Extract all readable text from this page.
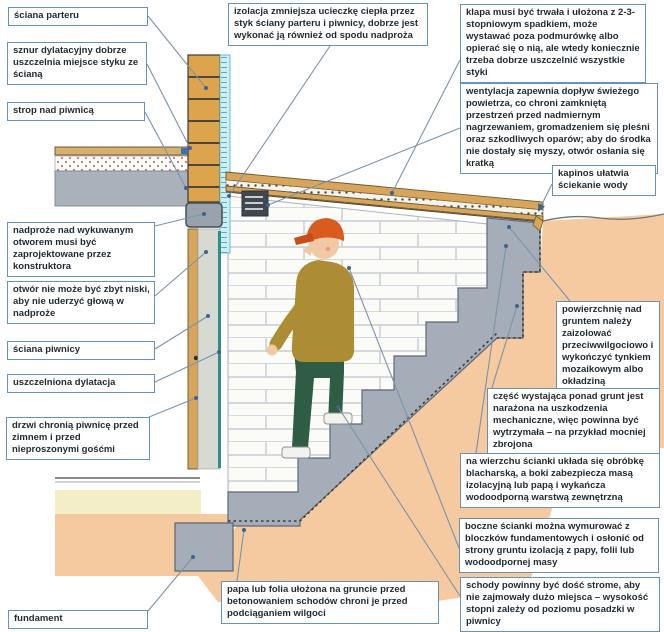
ściana parteru
sznur dylatacyjny dobrze uszczelnia miejsce styku ze ścianą
strop nad piwnicą
nadproże nad wykuwanym otworem musi być zaprojektowane przez konstruktora
otwór nie może być zbyt niski, aby nie uderzyć głową w nadproże
ściana piwnicy
uszczelniona dylatacja
drzwi chronią piwnicę przed zimnem i przed nieproszonymi gośćmi
fundament
izolacja zmniejsza ucieczkę ciepła przez styk ściany parteru i piwnicy, dobrze jest wykonać ją również od spodu nadproża
klapa musi być trwała i ułożona z 2-3-stopniowym spadkiem, może wystawać poza podmurówkę albo opierać się o nią, ale wtedy koniecznie trzeba dobrze uszczelnić wszystkie styki
wentylacja zapewnia dopływ świeżego powietrza, co chroni zamkniętą przestrzeń przed nadmiernym nagrzewaniem, gromadzeniem się pleśni oraz szkodliwych oparów; aby do środka nie dostały się myszy, otwór osłania się kratką
kapinos ułatwia ściekanie wody
powierzchnię nad gruntem należy zaizolować przeciwwilgociowo i wykończyć tynkiem mozaikowym albo okładziną
część wystająca ponad grunt jest narażona na uszkodzenia mechaniczne, więc powinna być wytrzymała – na przykład mocniej zbrojona
na wierzchu ścianki układa się obróbkę blacharską, a boki zabezpiecza masą izolacyjną lub papą i wykańcza wodoodporną warstwą zewnętrzną
boczne ścianki można wymurować z bloczków fundamentowych i osłonić od strony gruntu izolacją z papy, folii lub wodoodpornej masy
schody powinny być dość strome, aby nie zajmowały dużo miejsca – wysokość stopni zależy od poziomu posadzki w piwnicy
papa lub folia ułożona na gruncie przed betonowaniem schodów chroni je przed podciąganiem wilgoci
